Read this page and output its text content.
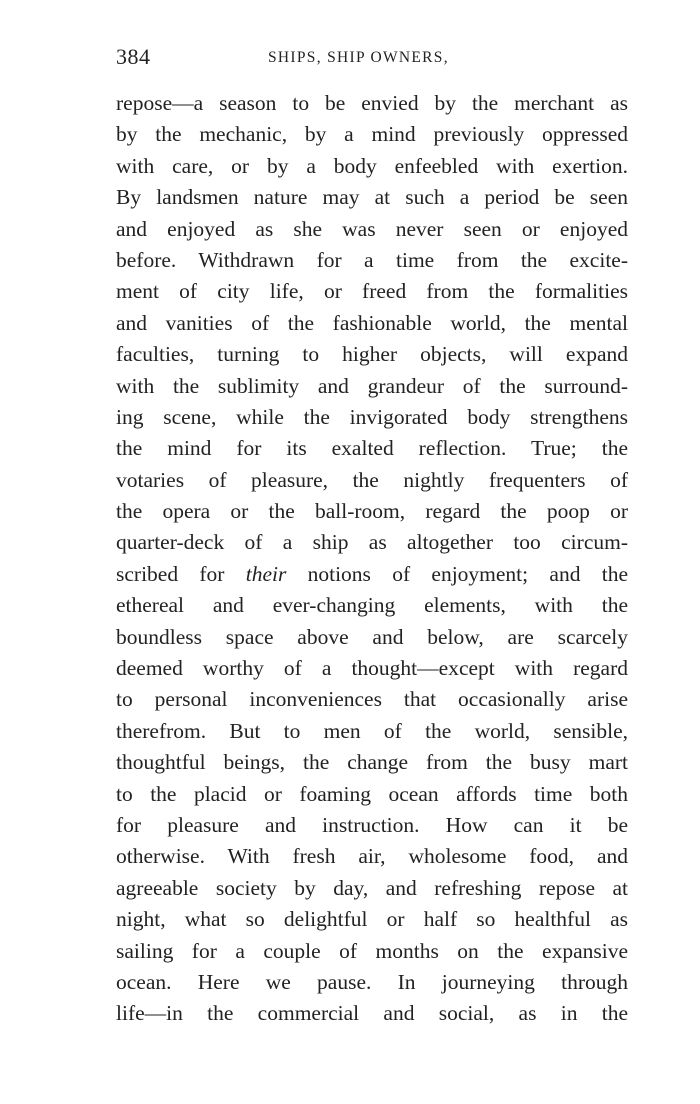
384	SHIPS, SHIP OWNERS,
repose—a season to be envied by the merchant as
by the mechanic, by a mind previously oppressed
with care, or by a body enfeebled with exertion.
By landsmen nature may at such a period be seen
and enjoyed as she was never seen or enjoyed
before. Withdrawn for a time from the excite-
ment of city life, or freed from the formalities
and vanities of the fashionable world, the mental
faculties, turning to higher objects, will expand
with the sublimity and grandeur of the surround-
ing scene, while the invigorated body strengthens
the mind for its exalted reflection. True; the
votaries of pleasure, the nightly frequenters of
the opera or the ball-room, regard the poop or
quarter-deck of a ship as altogether too circum-
scribed for their notions of enjoyment; and the
ethereal and ever-changing elements, with the
boundless space above and below, are scarcely
deemed worthy of a thought—except with regard
to personal inconveniences that occasionally arise
therefrom. But to men of the world, sensible,
thoughtful beings, the change from the busy mart
to the placid or foaming ocean affords time both
for pleasure and instruction. How can it be
otherwise. With fresh air, wholesome food, and
agreeable society by day, and refreshing repose at
night, what so delightful or half so healthful as
sailing for a couple of months on the expansive
ocean. Here we pause. In journeying through
life—in the commercial and social, as in the
